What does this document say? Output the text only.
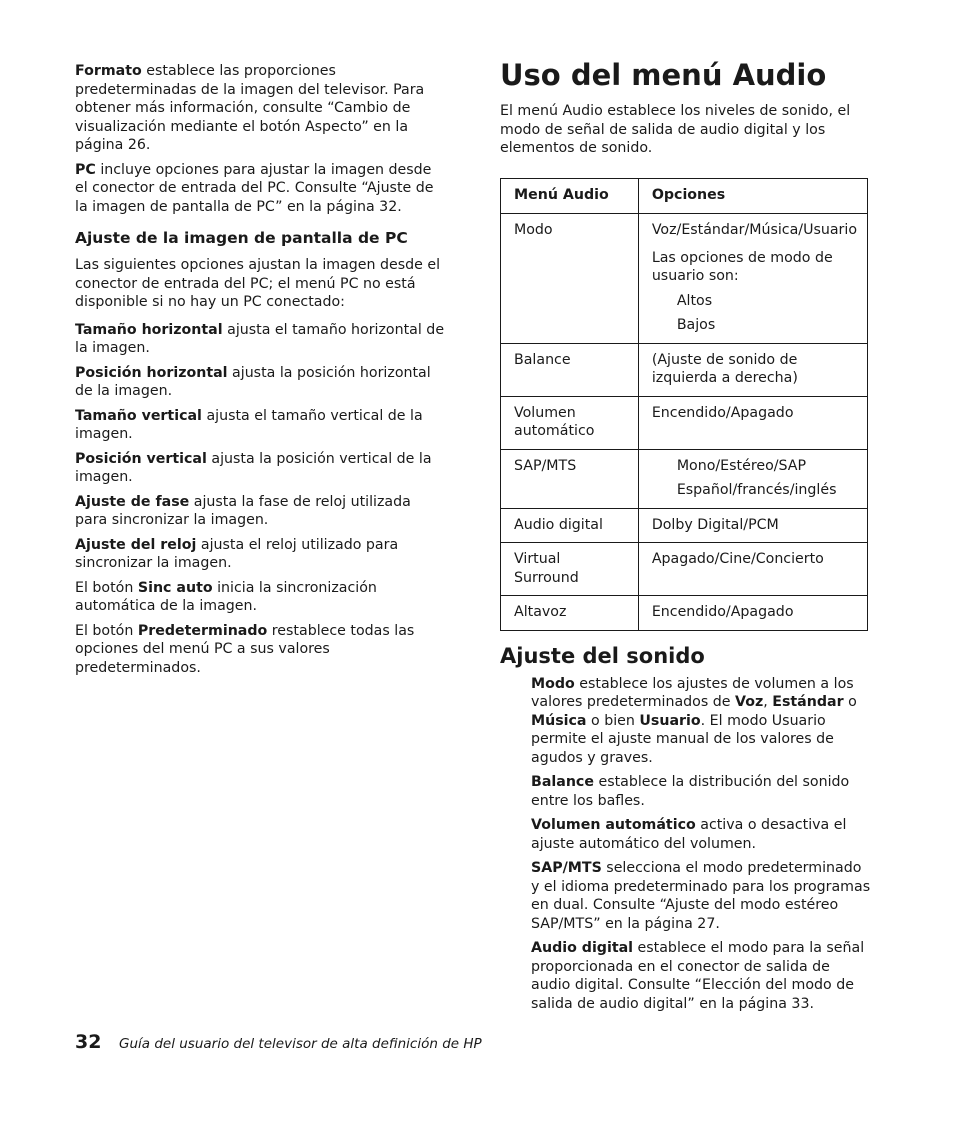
Formato establece las proporciones predeterminadas de la imagen del televisor. Para obtener más información, consulte “Cambio de visualización mediante el botón Aspecto” en la página 26.

PC incluye opciones para ajustar la imagen desde el conector de entrada del PC. Consulte “Ajuste de la imagen de pantalla de PC” en la página 32.

Ajuste de la imagen de pantalla de PC

Las siguientes opciones ajustan la imagen desde el conector de entrada del PC; el menú PC no está disponible si no hay un PC conectado:

Tamaño horizontal ajusta el tamaño horizontal de la imagen.

Posición horizontal ajusta la posición horizontal de la imagen.

Tamaño vertical ajusta el tamaño vertical de la imagen.

Posición vertical ajusta la posición vertical de la imagen.

Ajuste de fase ajusta la fase de reloj utilizada para sincronizar la imagen.

Ajuste del reloj ajusta el reloj utilizado para sincronizar la imagen.

El botón Sinc auto inicia la sincronización automática de la imagen.

El botón Predeterminado restablece todas las opciones del menú PC a sus valores predeterminados.

Uso del menú Audio

El menú Audio establece los niveles de sonido, el modo de señal de salida de audio digital y los elementos de sonido.

Menú Audio	Opciones
Modo	Voz/Estándar/Música/Usuario
Las opciones de modo de usuario son:
Altos
Bajos

Balance	(Ajuste de sonido de izquierda a derecha)
Volumen automático	Encendido/Apagado
SAP/MTS	Mono/Estéreo/SAP
Español/francés/inglés

Audio digital	Dolby Digital/PCM
Virtual Surround	Apagado/Cine/Concierto
Altavoz	Encendido/Apagado
Ajuste del sonido

Modo establece los ajustes de volumen a los valores predeterminados de Voz, Estándar o Música o bien Usuario. El modo Usuario permite el ajuste manual de los valores de agudos y graves.

Balance establece la distribución del sonido entre los bafles.

Volumen automático activa o desactiva el ajuste automático del volumen.

SAP/MTS selecciona el modo predeterminado y el idioma predeterminado para los programas en dual. Consulte “Ajuste del modo estéreo SAP/MTS” en la página 27.

Audio digital establece el modo para la señal proporcionada en el conector de salida de audio digital. Consulte “Elección del modo de salida de audio digital” en la página 33.

32 Guía del usuario del televisor de alta definición de HP
